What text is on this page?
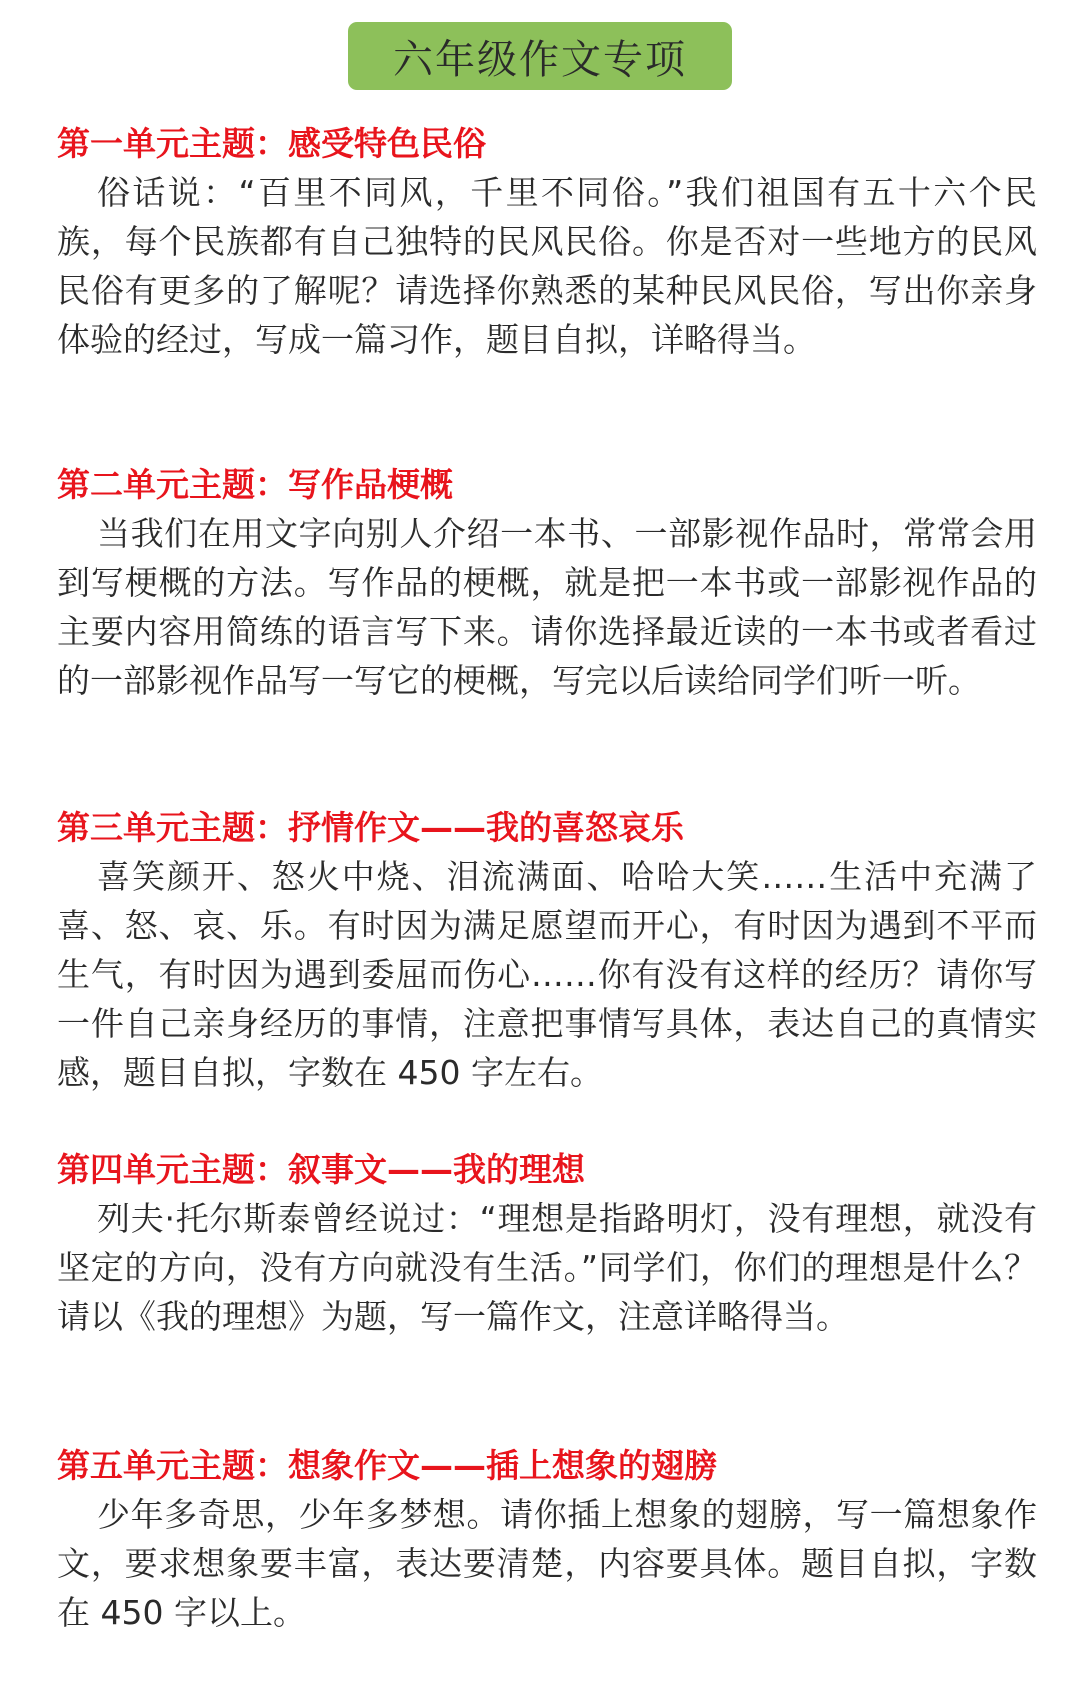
六年级作文专项
第一单元主题：感受特色民俗
俗话说：“百里不同风，千里不同俗。”我们祖国有五十六个民族，每个民族都有自己独特的民风民俗。你是否对一些地方的民风民俗有更多的了解呢？请选择你熟悉的某种民风民俗，写出你亲身体验的经过，写成一篇习作，题目自拟，详略得当。
第二单元主题：写作品梗概
当我们在用文字向别人介绍一本书、一部影视作品时，常常会用到写梗概的方法。写作品的梗概，就是把一本书或一部影视作品的主要内容用简练的语言写下来。请你选择最近读的一本书或者看过的一部影视作品写一写它的梗概，写完以后读给同学们听一听。
第三单元主题：抒情作文——我的喜怒哀乐
喜笑颜开、怒火中烧、泪流满面、哈哈大笑……生活中充满了喜、怒、哀、乐。有时因为满足愿望而开心，有时因为遇到不平而生气，有时因为遇到委屈而伤心……你有没有这样的经历？请你写一件自己亲身经历的事情，注意把事情写具体，表达自己的真情实感，题目自拟，字数在 450 字左右。
第四单元主题：叙事文——我的理想
列夫·托尔斯泰曾经说过：“理想是指路明灯，没有理想，就没有坚定的方向，没有方向就没有生活。”同学们，你们的理想是什么？请以《我的理想》为题，写一篇作文，注意详略得当。
第五单元主题：想象作文——插上想象的翅膀
少年多奇思，少年多梦想。请你插上想象的翅膀，写一篇想象作文，要求想象要丰富，表达要清楚，内容要具体。题目自拟，字数在 450 字以上。
